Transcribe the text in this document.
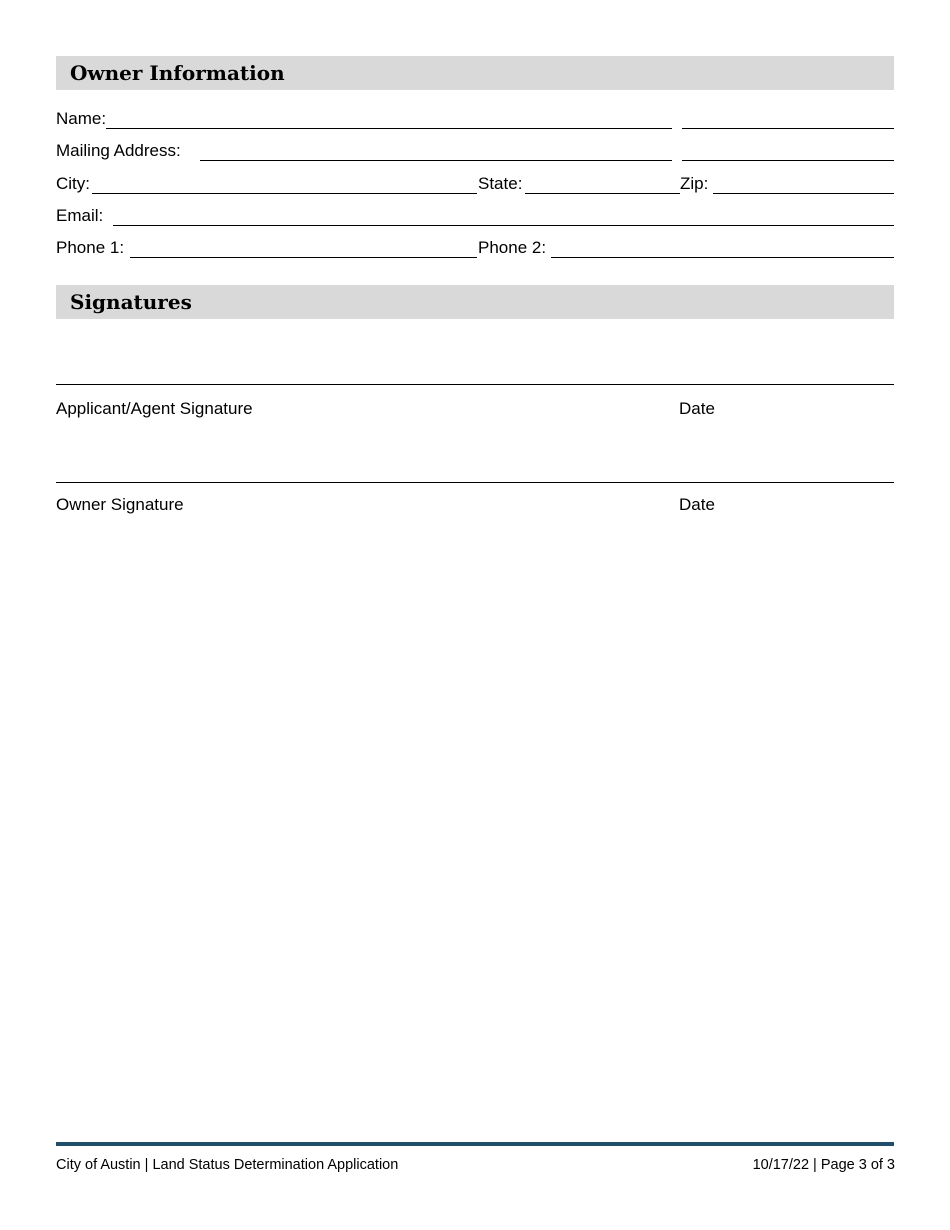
Owner Information
Name:
Mailing Address:
City:	State:	Zip:
Email:
Phone 1:	Phone 2:
Signatures
Applicant/Agent Signature	Date
Owner Signature	Date
City of Austin | Land Status Determination Application	10/17/22 | Page 3 of 3
